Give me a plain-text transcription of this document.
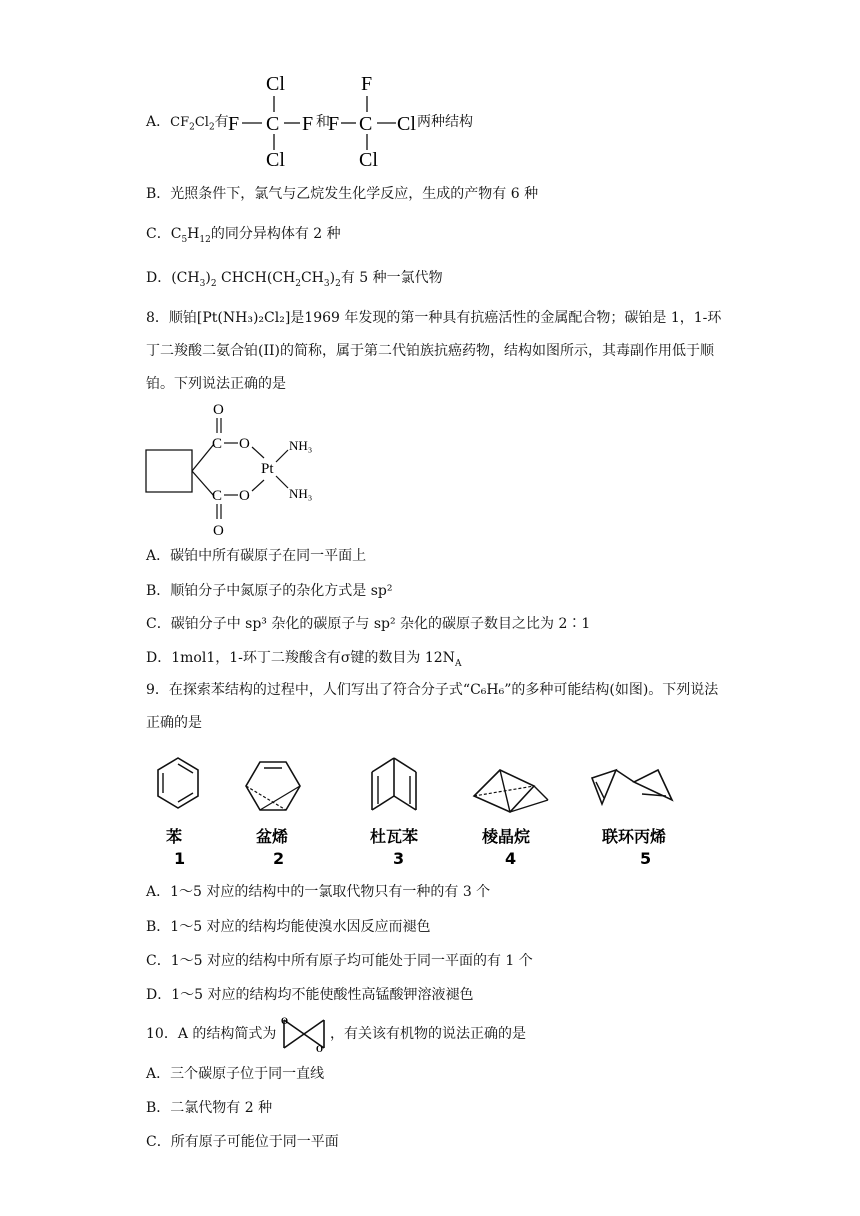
A．$CF_2Cl_2$有
Cl
F C F
Cl
和
F
F C Cl
Cl
两种结构
B．光照条件下，氯气与乙烷发生化学反应，生成的产物有 6 种
C．$C_5H_{12}$的同分异构体有 2 种
D．$(CH_3)_2$ $CHCH(CH_2CH_3)_2$有 5 种一氯代物
8．顺铂[Pt(NH₃)₂Cl₂]是1969 年发现的第一种具有抗癌活性的金属配合物；碳铂是 1，1-环丁二羧酸二氨合铂(II)的简称，属于第二代铂族抗癌药物，结构如图所示，其毒副作用低于顺铂。下列说法正确的是
O
C O
C O
O
Pt
NH₃
NH₃
A．碳铂中所有碳原子在同一平面上
B．顺铂分子中氮原子的杂化方式是 sp²
C．碳铂分子中 sp³ 杂化的碳原子与 sp² 杂化的碳原子数目之比为 2∶1
D．1mol1，1-环丁二羧酸含有σ键的数目为 $12N_A$
9．在探索苯结构的过程中，人们写出了符合分子式“C₆H₆”的多种可能结构(如图)。下列说法正确的是
苯
1
盆烯
2
杜瓦苯
3
棱晶烷
4
联环丙烯
5
A．1～5 对应的结构中的一氯取代物只有一种的有 3 个
B．1～5 对应的结构均能使溴水因反应而褪色
C．1～5 对应的结构中所有原子均可能处于同一平面的有 1 个
D．1～5 对应的结构均不能使酸性高锰酸钾溶液褪色
10．A 的结构简式为
O
O
，有关该有机物的说法正确的是
A．三个碳原子位于同一直线
B．二氯代物有 2 种
C．所有原子可能位于同一平面
